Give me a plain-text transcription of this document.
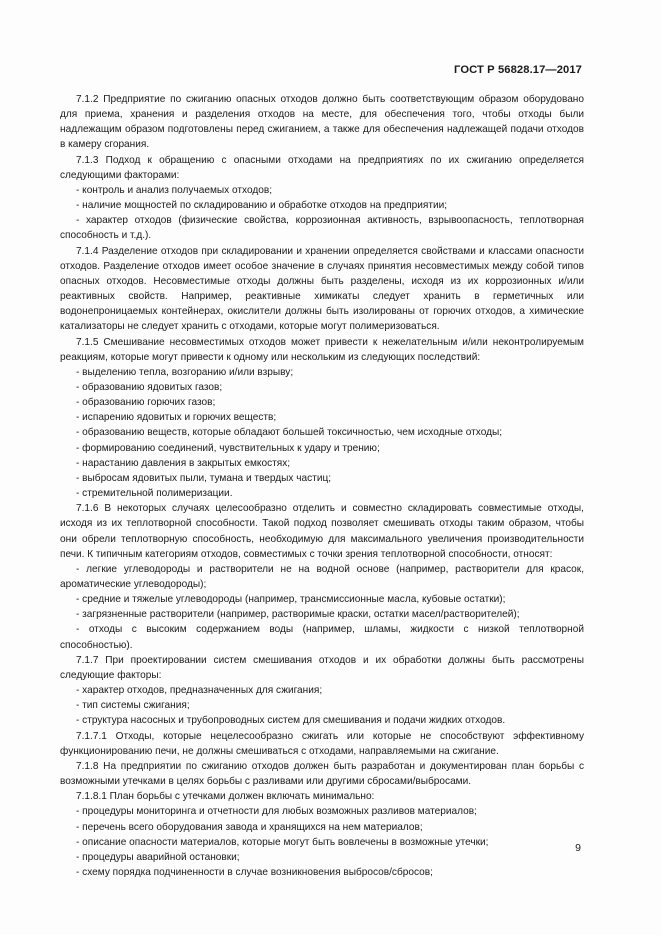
ГОСТ Р 56828.17—2017

7.1.2 Предприятие по сжиганию опасных отходов должно быть соответствующим образом оборудовано для приема, хранения и разделения отходов на месте, для обеспечения того, чтобы отходы были надлежащим образом подготовлены перед сжиганием, а также для обеспечения надлежащей подачи отходов в камеру сгорания.

7.1.3 Подход к обращению с опасными отходами на предприятиях по их сжиганию определяется следующими факторами:

- контроль и анализ получаемых отходов;

- наличие мощностей по складированию и обработке отходов на предприятии;

- характер отходов (физические свойства, коррозионная активность, взрывоопасность, теплотворная способность и т.д.).

7.1.4 Разделение отходов при складировании и хранении определяется свойствами и классами опасности отходов. Разделение отходов имеет особое значение в случаях принятия несовместимых между собой типов опасных отходов. Несовместимые отходы должны быть разделены, исходя из их коррозионных и/или реактивных свойств. Например, реактивные химикаты следует хранить в герметичных или водонепроницаемых контейнерах, окислители должны быть изолированы от горючих отходов, а химические катализаторы не следует хранить с отходами, которые могут полимеризоваться.

7.1.5 Смешивание несовместимых отходов может привести к нежелательным и/или неконтролируемым реакциям, которые могут привести к одному или нескольким из следующих последствий:

- выделению тепла, возгоранию и/или взрыву;

- образованию ядовитых газов;

- образованию горючих газов;

- испарению ядовитых и горючих веществ;

- образованию веществ, которые обладают большей токсичностью, чем исходные отходы;

- формированию соединений, чувствительных к удару и трению;

- нарастанию давления в закрытых емкостях;

- выбросам ядовитых пыли, тумана и твердых частиц;

- стремительной полимеризации.

7.1.6 В некоторых случаях целесообразно отделить и совместно складировать совместимые отходы, исходя из их теплотворной способности. Такой подход позволяет смешивать отходы таким образом, чтобы они обрели теплотворную способность, необходимую для максимального увеличения производительности печи. К типичным категориям отходов, совместимых с точки зрения теплотворной способности, относят:

- легкие углеводороды и растворители не на водной основе (например, растворители для красок, ароматические углеводороды);

- средние и тяжелые углеводороды (например, трансмиссионные масла, кубовые остатки);

- загрязненные растворители (например, растворимые краски, остатки масел/растворителей);

- отходы с высоким содержанием воды (например, шламы, жидкости с низкой теплотворной способностью).

7.1.7 При проектировании систем смешивания отходов и их обработки должны быть рассмотрены следующие факторы:

- характер отходов, предназначенных для сжигания;

- тип системы сжигания;

- структура насосных и трубопроводных систем для смешивания и подачи жидких отходов.

7.1.7.1 Отходы, которые нецелесообразно сжигать или которые не способствуют эффективному функционированию печи, не должны смешиваться с отходами, направляемыми на сжигание.

7.1.8 На предприятии по сжиганию отходов должен быть разработан и документирован план борьбы с возможными утечками в целях борьбы с разливами или другими сбросами/выбросами.

7.1.8.1 План борьбы с утечками должен включать минимально:

- процедуры мониторинга и отчетности для любых возможных разливов материалов;

- перечень всего оборудования завода и хранящихся на нем материалов;

- описание опасности материалов, которые могут быть вовлечены в возможные утечки;

- процедуры аварийной остановки;

- схему порядка подчиненности в случае возникновения выбросов/сбросов;

9
